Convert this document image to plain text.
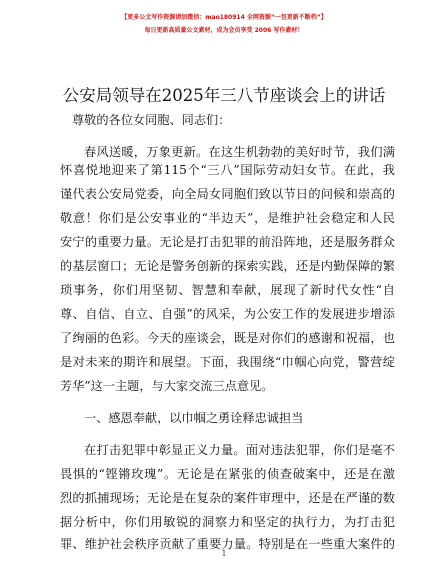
【更多公文写作资源请加微信：mao180914 全网资源“一包更新不断档”】
每日更新高质量公文素材，成为会员享受 2006 写作素材！
公安局领导在2025年三八节座谈会上的讲话
尊敬的各位女同胞、同志们：
春风送暖，万象更新。在这生机勃勃的美好时节，我们满
怀喜悦地迎来了第115个“三八”国际劳动妇女节。在此，我
谨代表公安局党委，向全局女同胞们致以节日的问候和崇高的
敬意！你们是公安事业的“半边天”，是维护社会稳定和人民
安宁的重要力量。无论是打击犯罪的前沿阵地，还是服务群众
的基层窗口；无论是警务创新的探索实践，还是内勤保障的繁
琐事务，你们用坚韧、智慧和奉献，展现了新时代女性“自
尊、自信、自立、自强”的风采，为公安工作的发展进步增添
了绚丽的色彩。今天的座谈会，既是对你们的感谢和祝福，也
是对未来的期许和展望。下面，我围绕“巾帼心向党，警营绽
芳华”这一主题，与大家交流三点意见。
一、感恩奉献，以巾帼之勇诠释忠诚担当
在打击犯罪中彰显正义力量。面对违法犯罪，你们是毫不
畏惧的“铿锵玫瑰”。无论是在紧张的侦查破案中，还是在激
烈的抓捕现场；无论是在复杂的案件审理中，还是在严谨的数
据分析中，你们用敏锐的洞察力和坚定的执行力，为打击犯
罪、维护社会秩序贡献了重要力量。特别是在一些重大案件的
1
